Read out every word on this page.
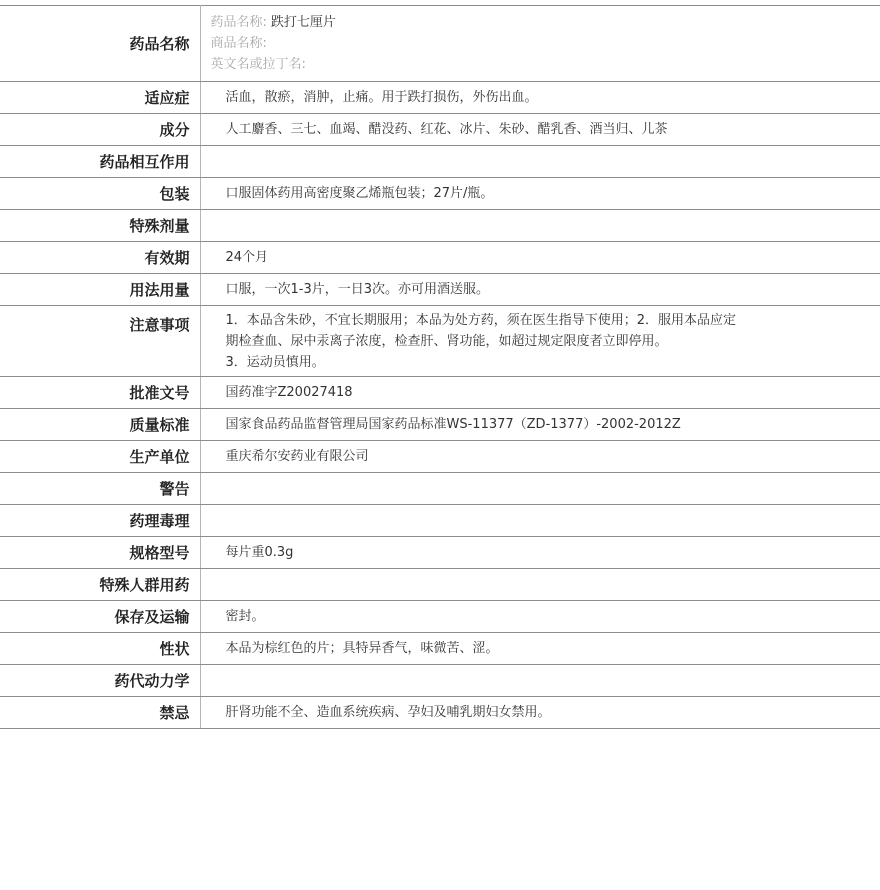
药品名称	药品名称: 跌打七厘片
商品名称:
英文名或拉丁名:

适应症	活血，散瘀，消肿，止痛。用于跌打损伤，外伤出血。
成分	人工麝香、三七、血竭、醋没药、红花、冰片、朱砂、醋乳香、酒当归、儿茶
药品相互作用	
包装	口服固体药用高密度聚乙烯瓶包装；27片/瓶。
特殊剂量	
有效期	24个月
用法用量	口服，一次1-3片，一日3次。亦可用酒送服。
注意事项	1．本品含朱砂，不宜长期服用；本品为处方药，须在医生指导下使用；2．服用本品应定
期检查血、尿中汞离子浓度，检查肝、肾功能，如超过规定限度者立即停用。
3．运动员慎用。

批准文号	国药准字Z20027418
质量标准	国家食品药品监督管理局国家药品标准WS-11377（ZD-1377）-2002-2012Z
生产单位	重庆希尔安药业有限公司
警告	
药理毒理	
规格型号	每片重0.3g
特殊人群用药	
保存及运输	密封。
性状	本品为棕红色的片；具特异香气，味微苦、涩。
药代动力学	
禁忌	肝肾功能不全、造血系统疾病、孕妇及哺乳期妇女禁用。
